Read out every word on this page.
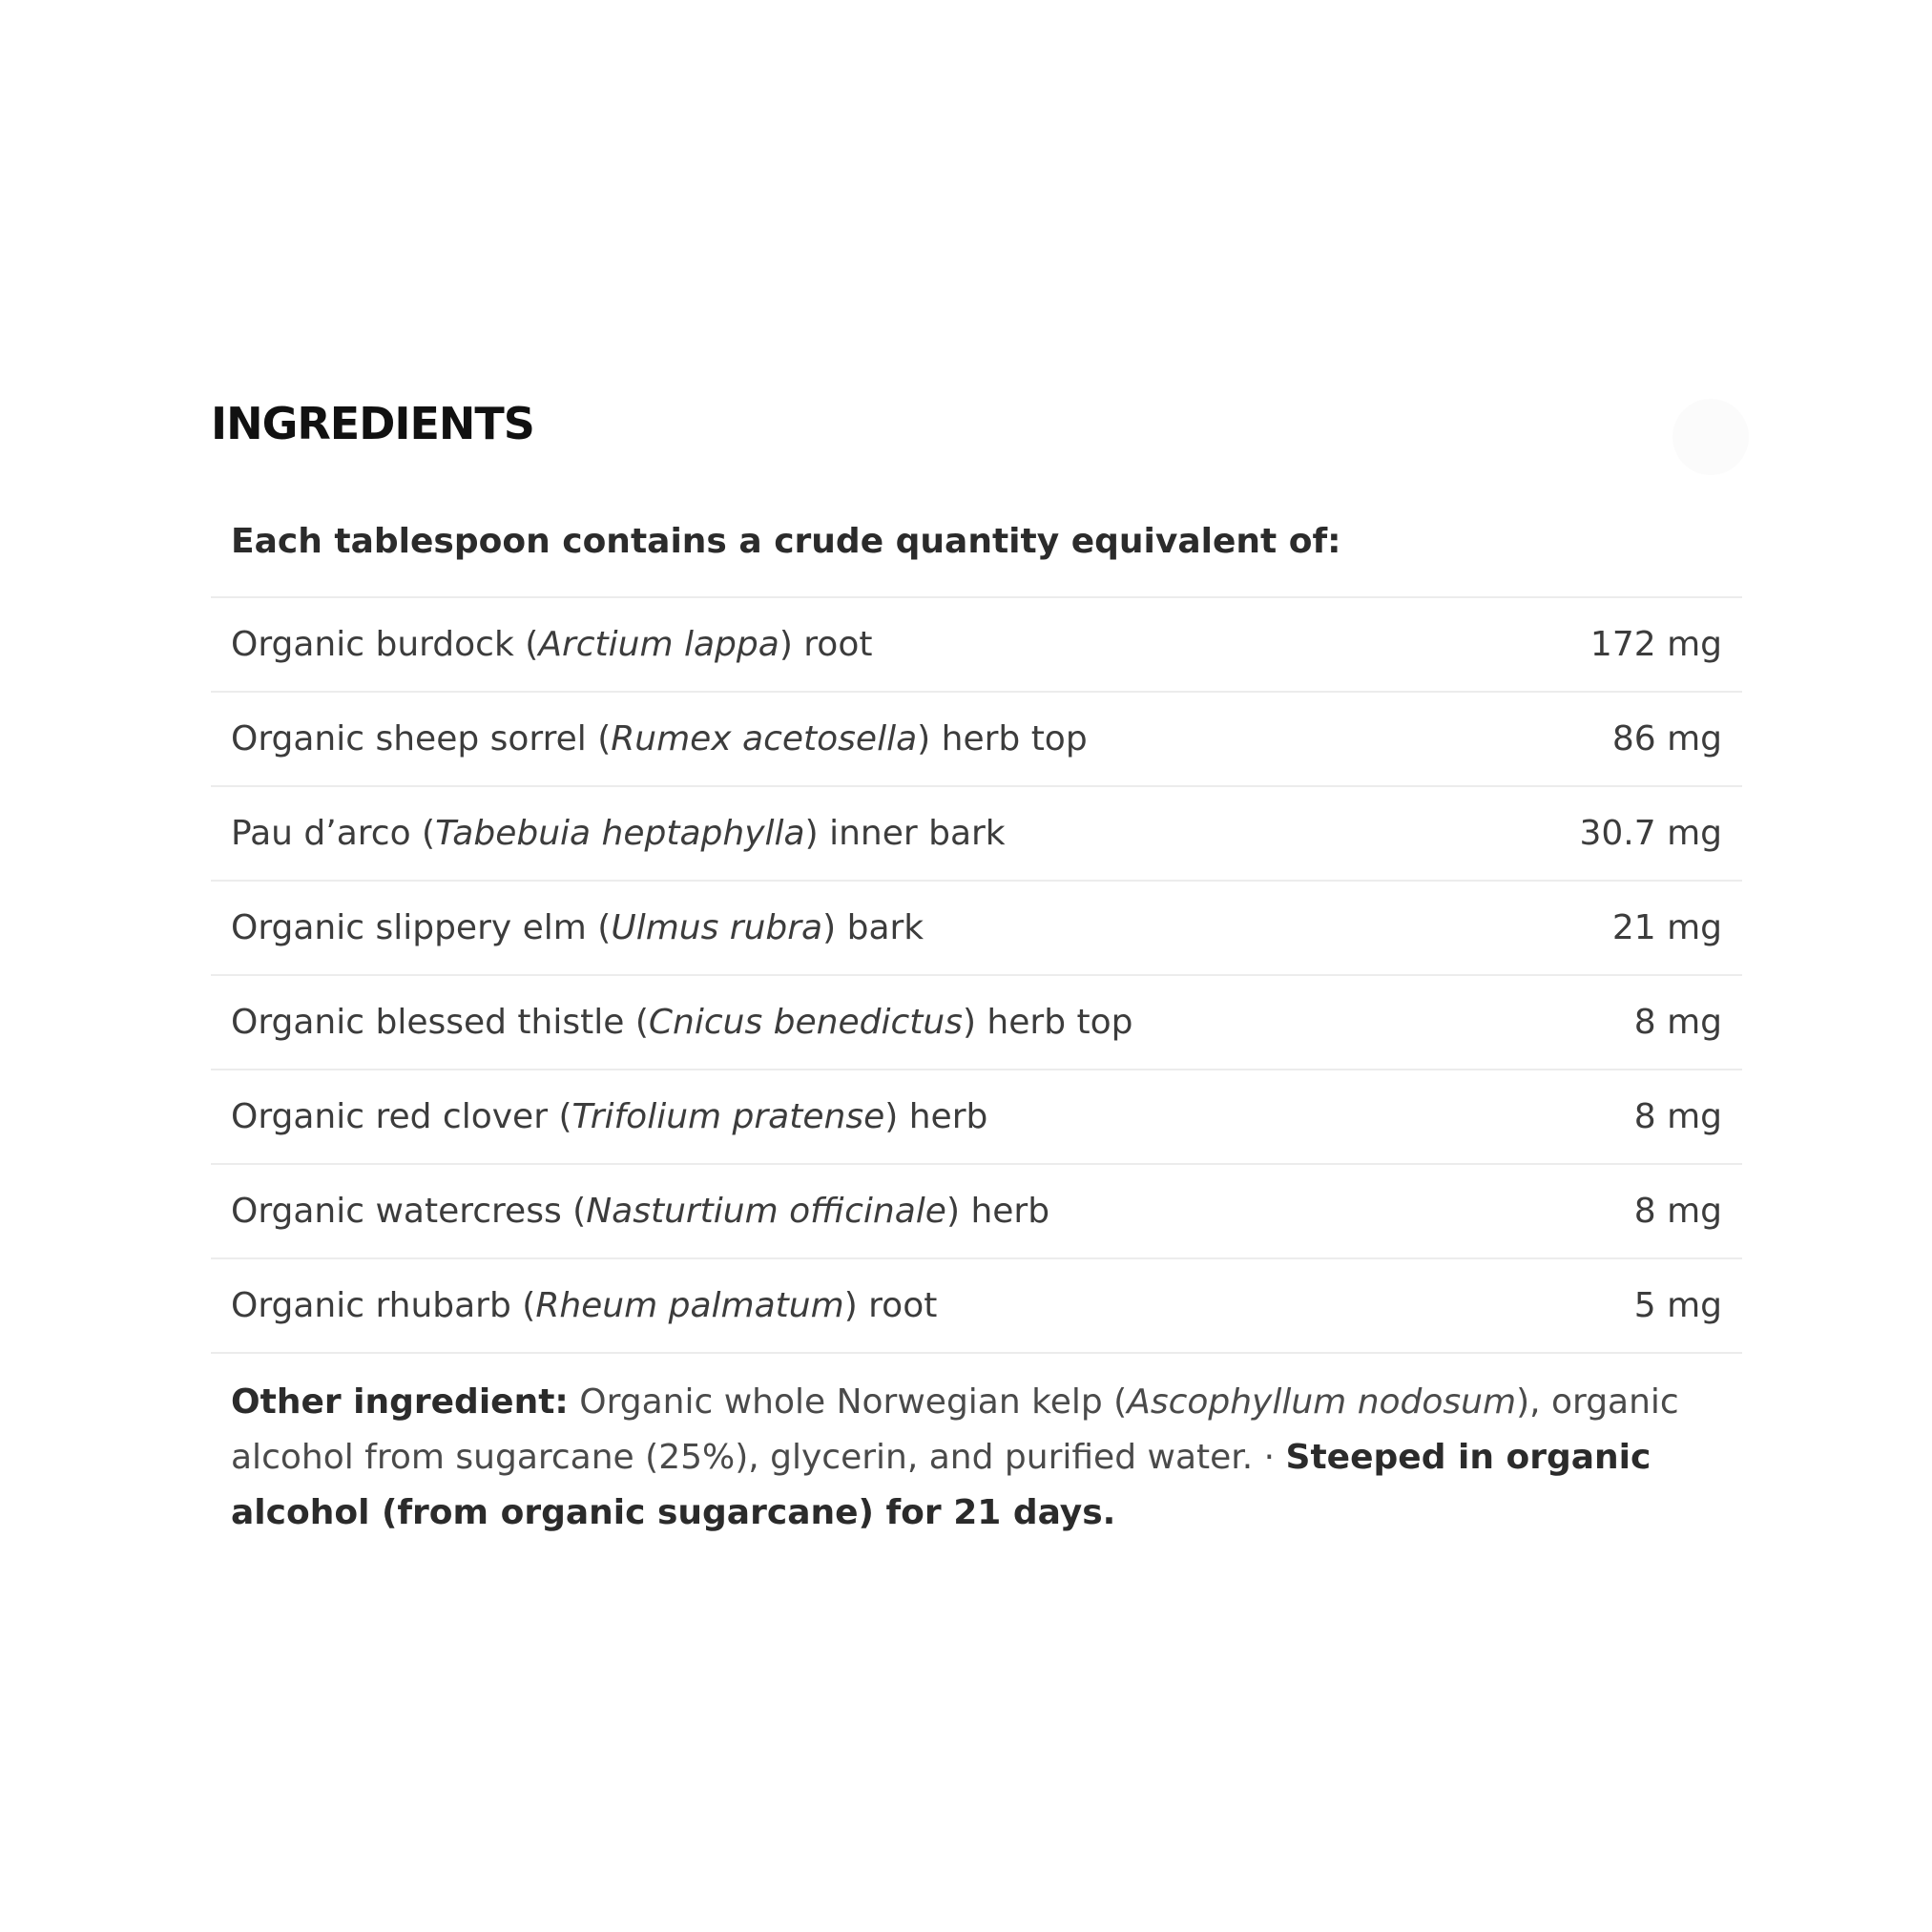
INGREDIENTS
Each tablespoon contains a crude quantity equivalent of:
Organic burdock (Arctium lappa) root	172 mg
Organic sheep sorrel (Rumex acetosella) herb top	86 mg
Pau d’arco (Tabebuia heptaphylla) inner bark	30.7 mg
Organic slippery elm (Ulmus rubra) bark	21 mg
Organic blessed thistle (Cnicus benedictus) herb top	8 mg
Organic red clover (Trifolium pratense) herb	8 mg
Organic watercress (Nasturtium officinale) herb	8 mg
Organic rhubarb (Rheum palmatum) root	5 mg

Other ingredient: Organic whole Norwegian kelp (Ascophyllum nodosum), organic alcohol from sugarcane (25%), glycerin, and purified water. · Steeped in organic alcohol (from organic sugarcane) for 21 days.
